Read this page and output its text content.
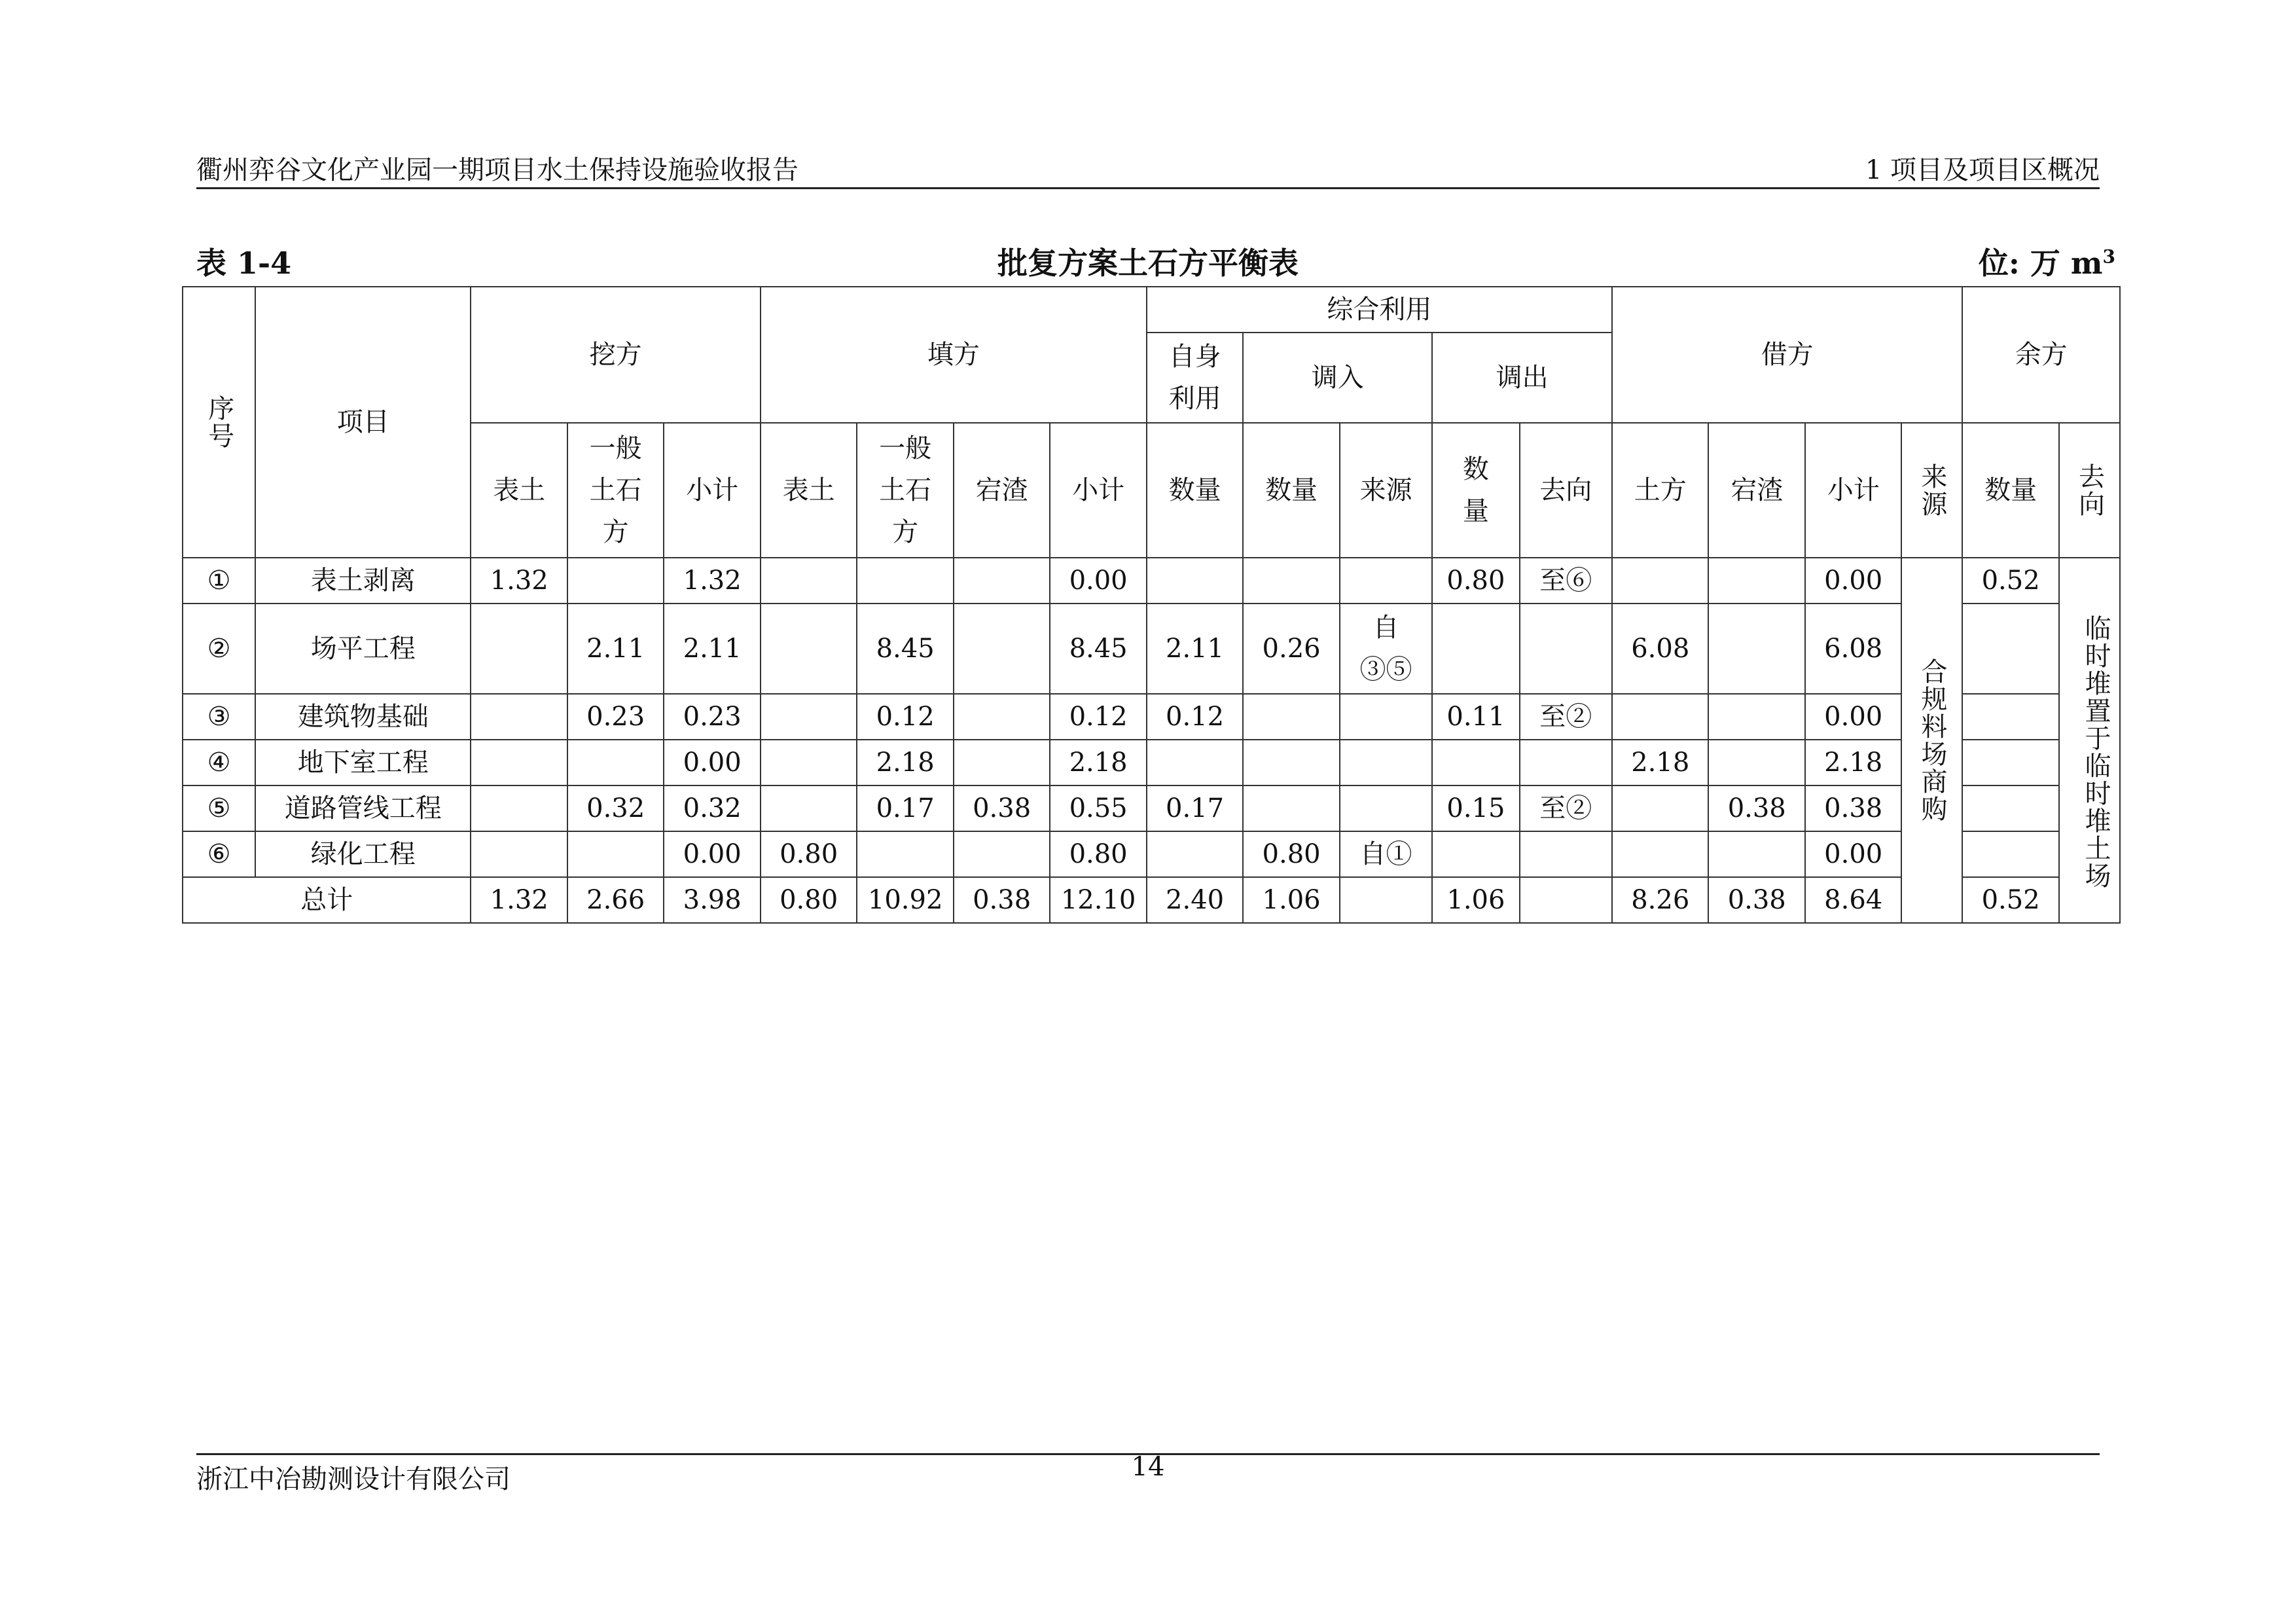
衢州弈谷文化产业园一期项目水土保持设施验收报告	1 项目及项目区概况
表 1-4	批复方案土石方平衡表	位: 万 $m^3$
序号	项目	挖方			填方				综合利用					借方				余方	

									自身利用	调入		调出							
		表土	一般土石方	小计	表土	一般土石方	宕渣	小计	数量	数量	来源	数量	去向	土方	宕渣	小计	来源	数量	去向
①	表土剥离	1.32		1.32				0.00				0.80	至⑥			0.00	合规料场商购	0.52	临时堆置于临时堆土场
②	场平工程		2.11	2.11		8.45		8.45	2.11	0.26	自③⑤			6.08		6.08			
③	建筑物基础		0.23	0.23		0.12		0.12	0.12			0.11	至②			0.00			
④	地下室工程			0.00		2.18		2.18						2.18		2.18			
⑤	道路管线工程		0.32	0.32		0.17	0.38	0.55	0.17			0.15	至②		0.38	0.38			
⑥	绿化工程			0.00	0.80			0.80		0.80	自①					0.00			
总计		1.32	2.66	3.98	0.80	10.92	0.38	12.10	2.40	1.06		1.06		8.26	0.38	8.64		0.52	
浙江中冶勘测设计有限公司	14
